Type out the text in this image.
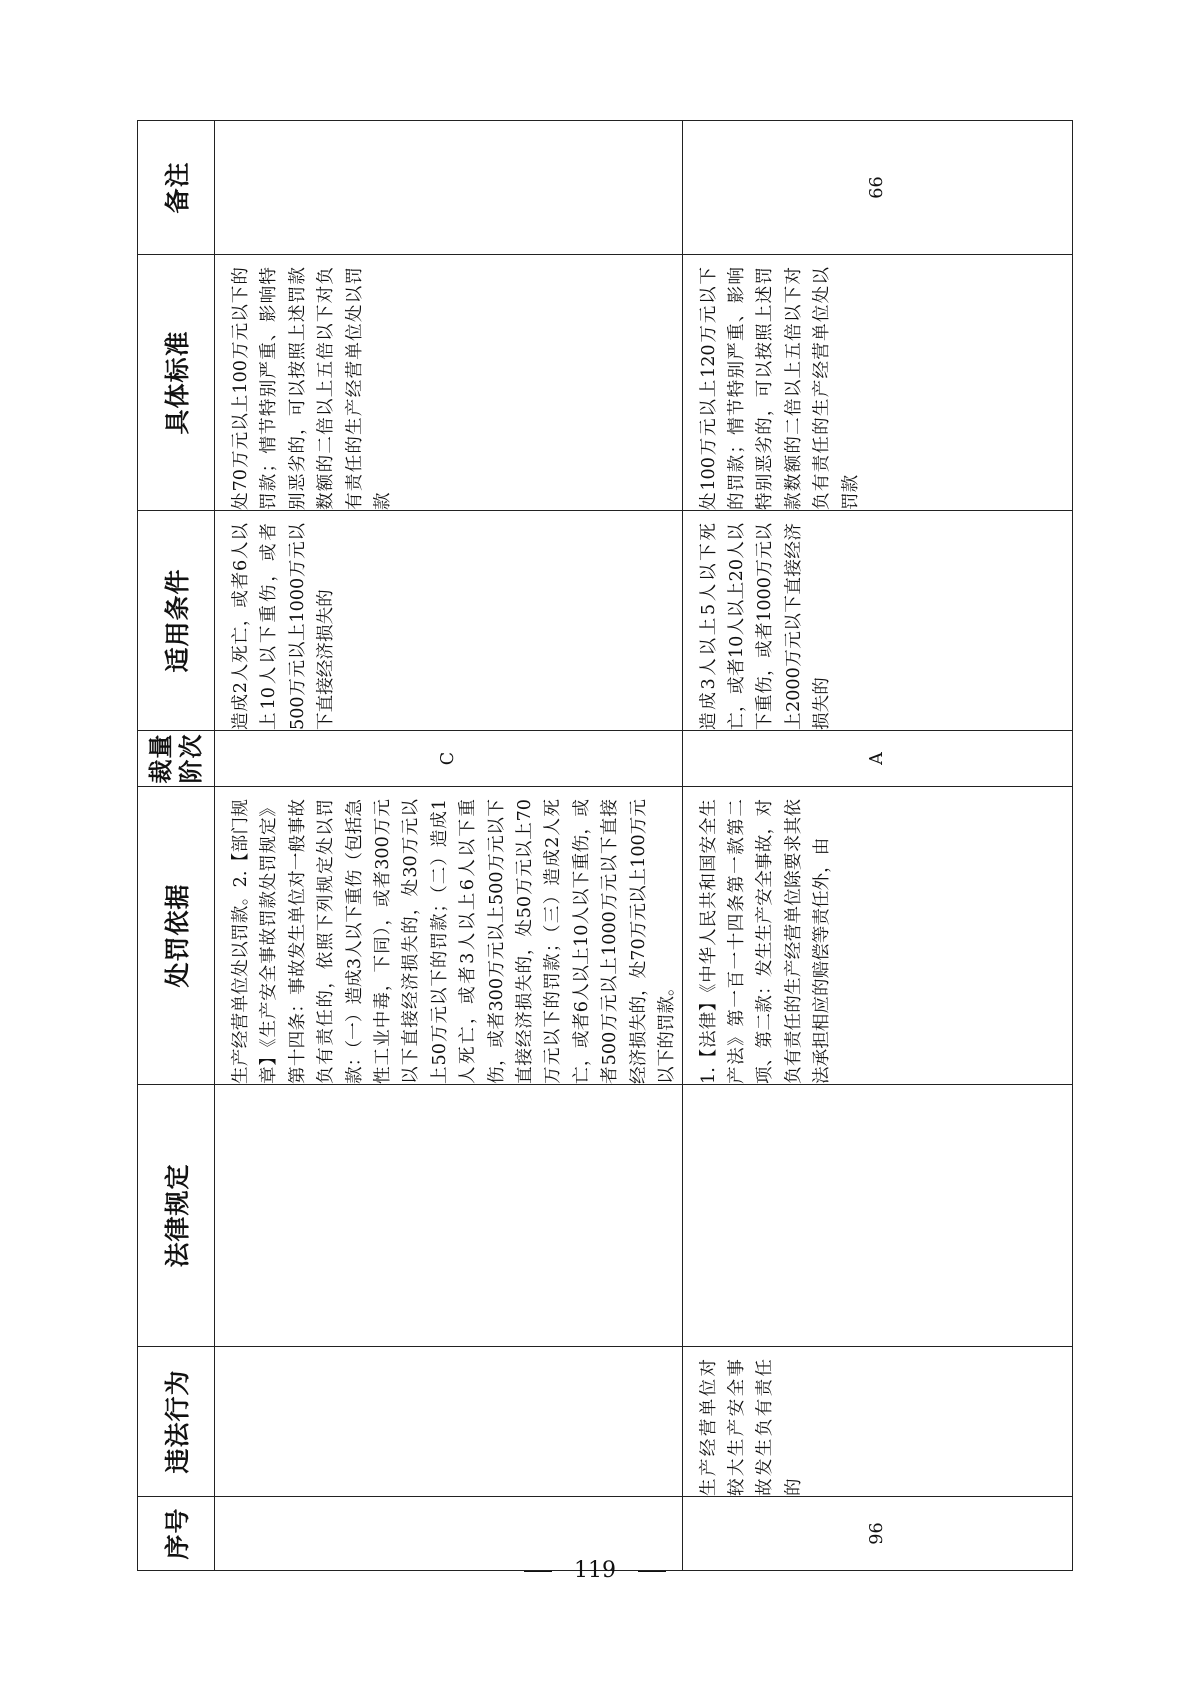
序号	违法行为	法律规定	处罚依据	裁量阶次	适用条件	具体标准	备注
			生产经营单位处以罚款。2.【部门规章】《生产安全事故罚款处罚规定》第十四条：事故发生单位对一般事故负有责任的，依照下列规定处以罚款：（一）造成3人以下重伤（包括急性工业中毒，下同），或者300万元以下直接经济损失的，处30万元以上50万元以下的罚款；（二）造成1人死亡，或者3人以上6人以下重伤，或者300万元以上500万元以下直接经济损失的，处50万元以上70万元以下的罚款；（三）造成2人死亡，或者6人以上10人以下重伤，或者500万元以上1000万元以下直接经济损失的，处70万元以上100万元以下的罚款。	C	造成2人死亡，或者6人以上10人以下重伤，或者500万元以上1000万元以下直接经济损失的	处70万元以上100万元以下的罚款；情节特别严重、影响特别恶劣的，可以按照上述罚款数额的二倍以上五倍以下对负有责任的生产经营单位处以罚款	
96	生产经营单位对较大生产安全事故发生负有责任的		1.【法律】《中华人民共和国安全生产法》第一百一十四条第一款第二项、第二款：发生生产安全事故，对负有责任的生产经营单位除要求其依法承担相应的赔偿等责任外，由	A	造成3人以上5人以下死亡，或者10人以上20人以下重伤，或者1000万元以上2000万元以下直接经济损失的	处100万元以上120万元以下的罚款；情节特别严重、影响特别恶劣的，可以按照上述罚款数额的二倍以上五倍以下对负有责任的生产经营单位处以罚款	66
119
